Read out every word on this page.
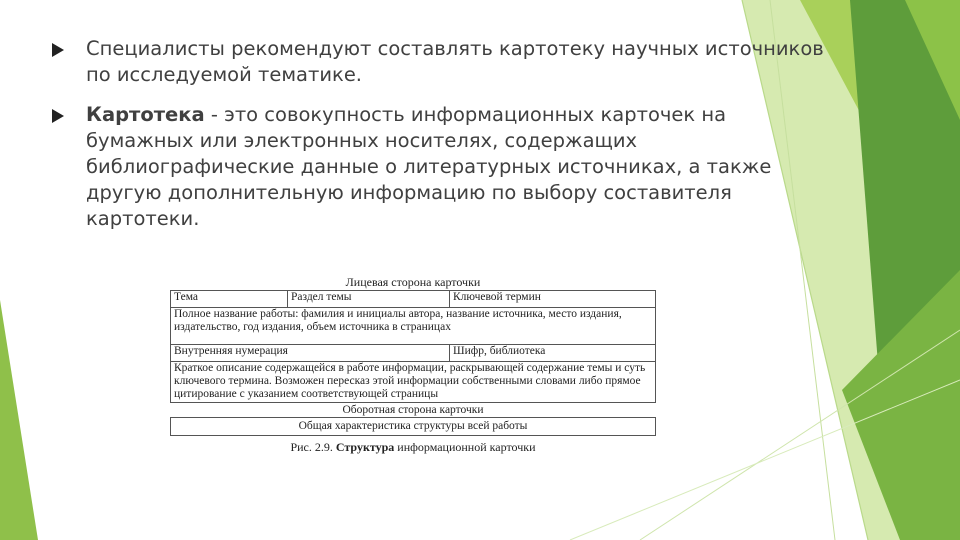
Специалисты рекомендуют составлять картотеку научных источников по исследуемой тематике.
Картотека - это совокупность информационных карточек на бумажных или электронных носителях, содержащих библиографические данные о литературных источниках, а также другую дополнительную информацию по выбору составителя картотеки.
Лицевая сторона карточки
Тема	Раздел темы	Ключевой термин
Полное название работы: фамилия и инициалы автора, название источника, место издания, издательство, год издания, объем источника в страницах		
Внутренняя нумерация		Шифр, библиотека
Краткое описание содержащейся в работе информации, раскрывающей содержание темы и суть ключевого термина. Возможен пересказ этой информации собственными словами либо прямое цитирование с указанием соответствующей страницы		
Оборотная сторона карточки
Общая характеристика структуры всей работы
Рис. 2.9. Структура информационной карточки
